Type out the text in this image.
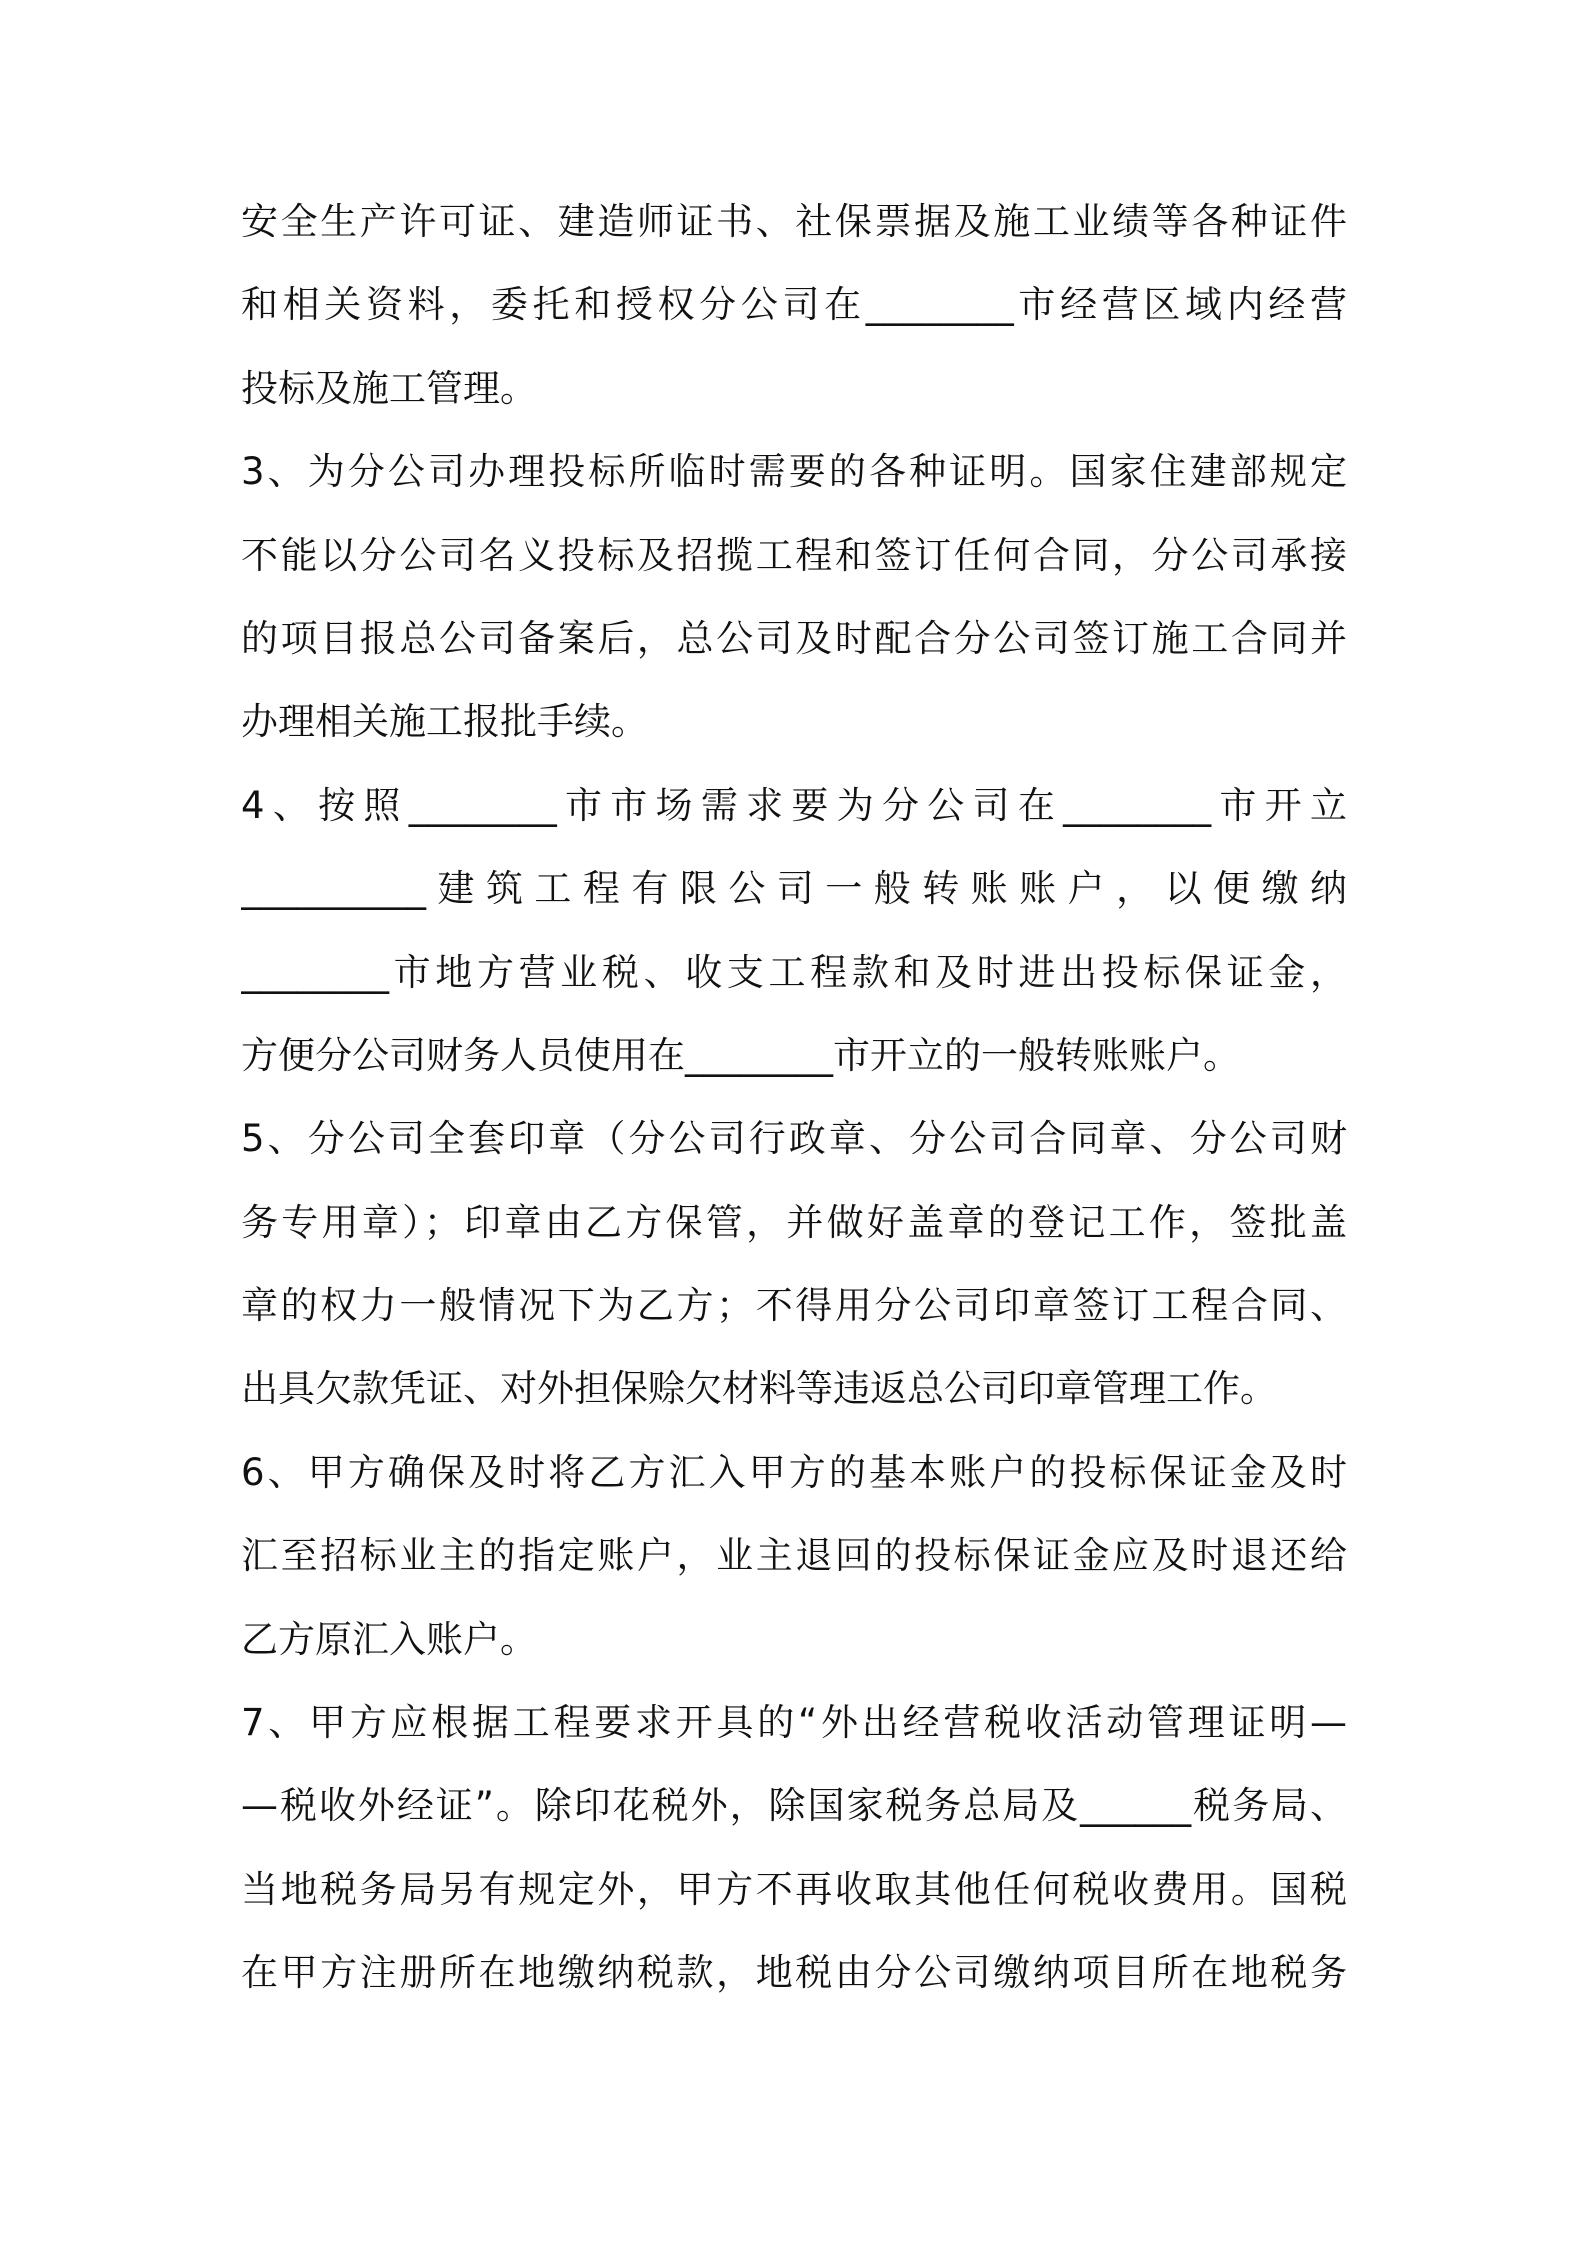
安全生产许可证、建造师证书、社保票据及施工业绩等各种证件
和相关资料，委托和授权分公司在________市经营区域内经营
投标及施工管理。
3、为分公司办理投标所临时需要的各种证明。国家住建部规定
不能以分公司名义投标及招揽工程和签订任何合同，分公司承接
的项目报总公司备案后，总公司及时配合分公司签订施工合同并
办理相关施工报批手续。
4、按照________市市场需求要为分公司在________市开立
__________建筑工程有限公司一般转账账户，以便缴纳
________市地方营业税、收支工程款和及时进出投标保证金，
方便分公司财务人员使用在________市开立的一般转账账户。
5、分公司全套印章（分公司行政章、分公司合同章、分公司财
务专用章）；印章由乙方保管，并做好盖章的登记工作，签批盖
章的权力一般情况下为乙方；不得用分公司印章签订工程合同、
出具欠款凭证、对外担保赊欠材料等违返总公司印章管理工作。
6、甲方确保及时将乙方汇入甲方的基本账户的投标保证金及时
汇至招标业主的指定账户，业主退回的投标保证金应及时退还给
乙方原汇入账户。
7、甲方应根据工程要求开具的“外出经营税收活动管理证明—
—税收外经证”。除印花税外，除国家税务总局及______税务局、
当地税务局另有规定外，甲方不再收取其他任何税收费用。国税
在甲方注册所在地缴纳税款，地税由分公司缴纳项目所在地税务
